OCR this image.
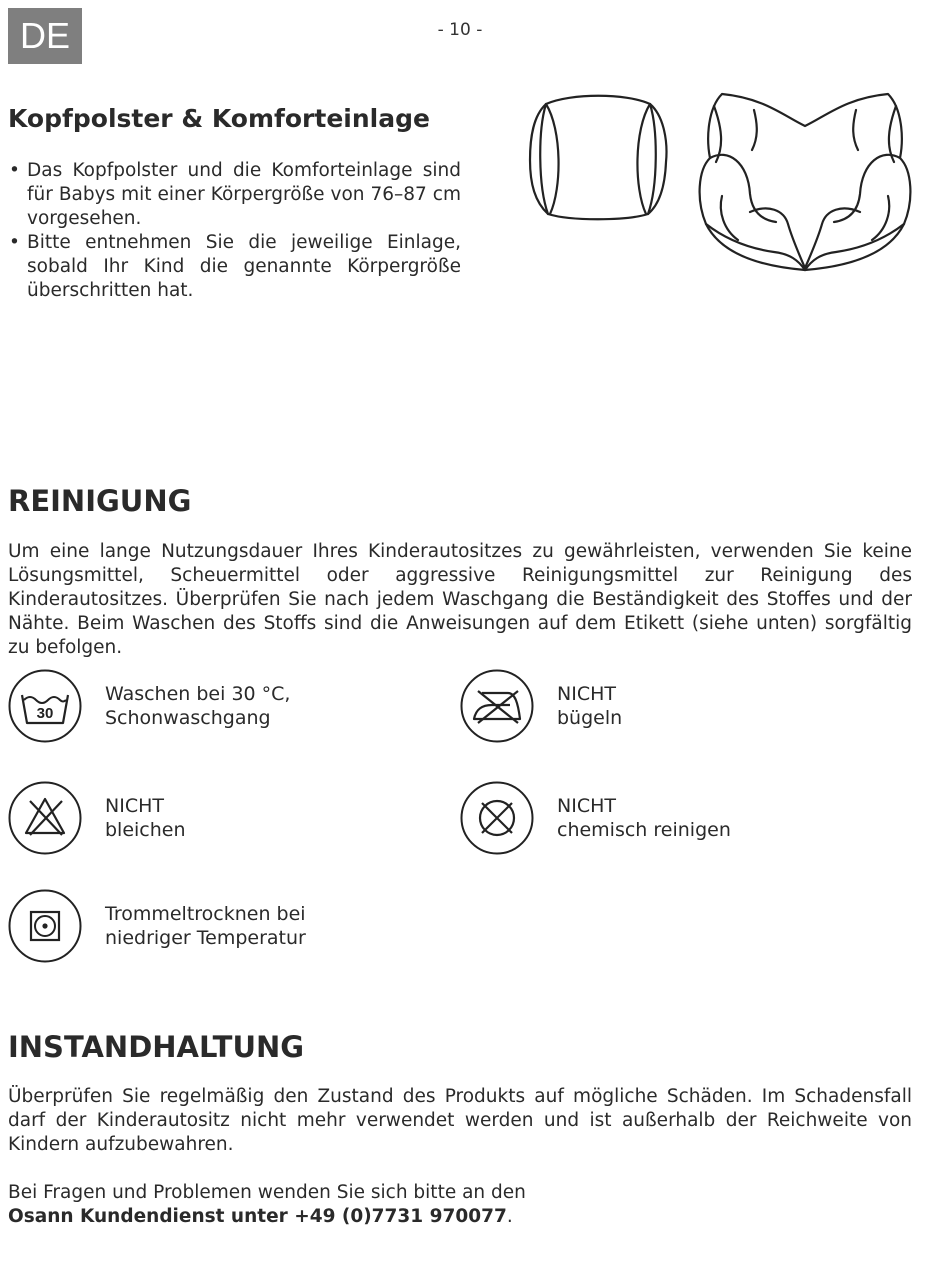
DE	- 10 -
Kopfpolster & Komforteinlage
• Das Kopfpolster und die Komforteinlage sind für Babys mit einer Körpergröße von 76–87 cm vorgesehen.
• Bitte entnehmen Sie die jeweilige Einlage, sobald Ihr Kind die genannte Körpergröße überschritten hat.
REINIGUNG

Um eine lange Nutzungsdauer Ihres Kinderautositzes zu gewährleisten, verwenden Sie keine Lösungsmittel, Scheuermittel oder aggressive Reinigungsmittel zur Reinigung des Kinderautositzes. Überprüfen Sie nach jedem Waschgang die Beständigkeit des Stoffes und der Nähte. Beim Waschen des Stoffs sind die Anweisungen auf dem Etikett (siehe unten) sorgfältig zu befolgen.

30
Waschen bei 30 °C,
Schonwaschgang
NICHT
bügeln
NICHT
bleichen
NICHT
chemisch reinigen
Trommeltrocknen bei
niedriger Temperatur
INSTANDHALTUNG

Überprüfen Sie regelmäßig den Zustand des Produkts auf mögliche Schäden. Im Schadensfall darf der Kinderautositz nicht mehr verwendet werden und ist außerhalb der Reichweite von Kindern aufzubewahren.

Bei Fragen und Problemen wenden Sie sich bitte an den
Osann Kundendienst unter +49 (0)7731 970077.
